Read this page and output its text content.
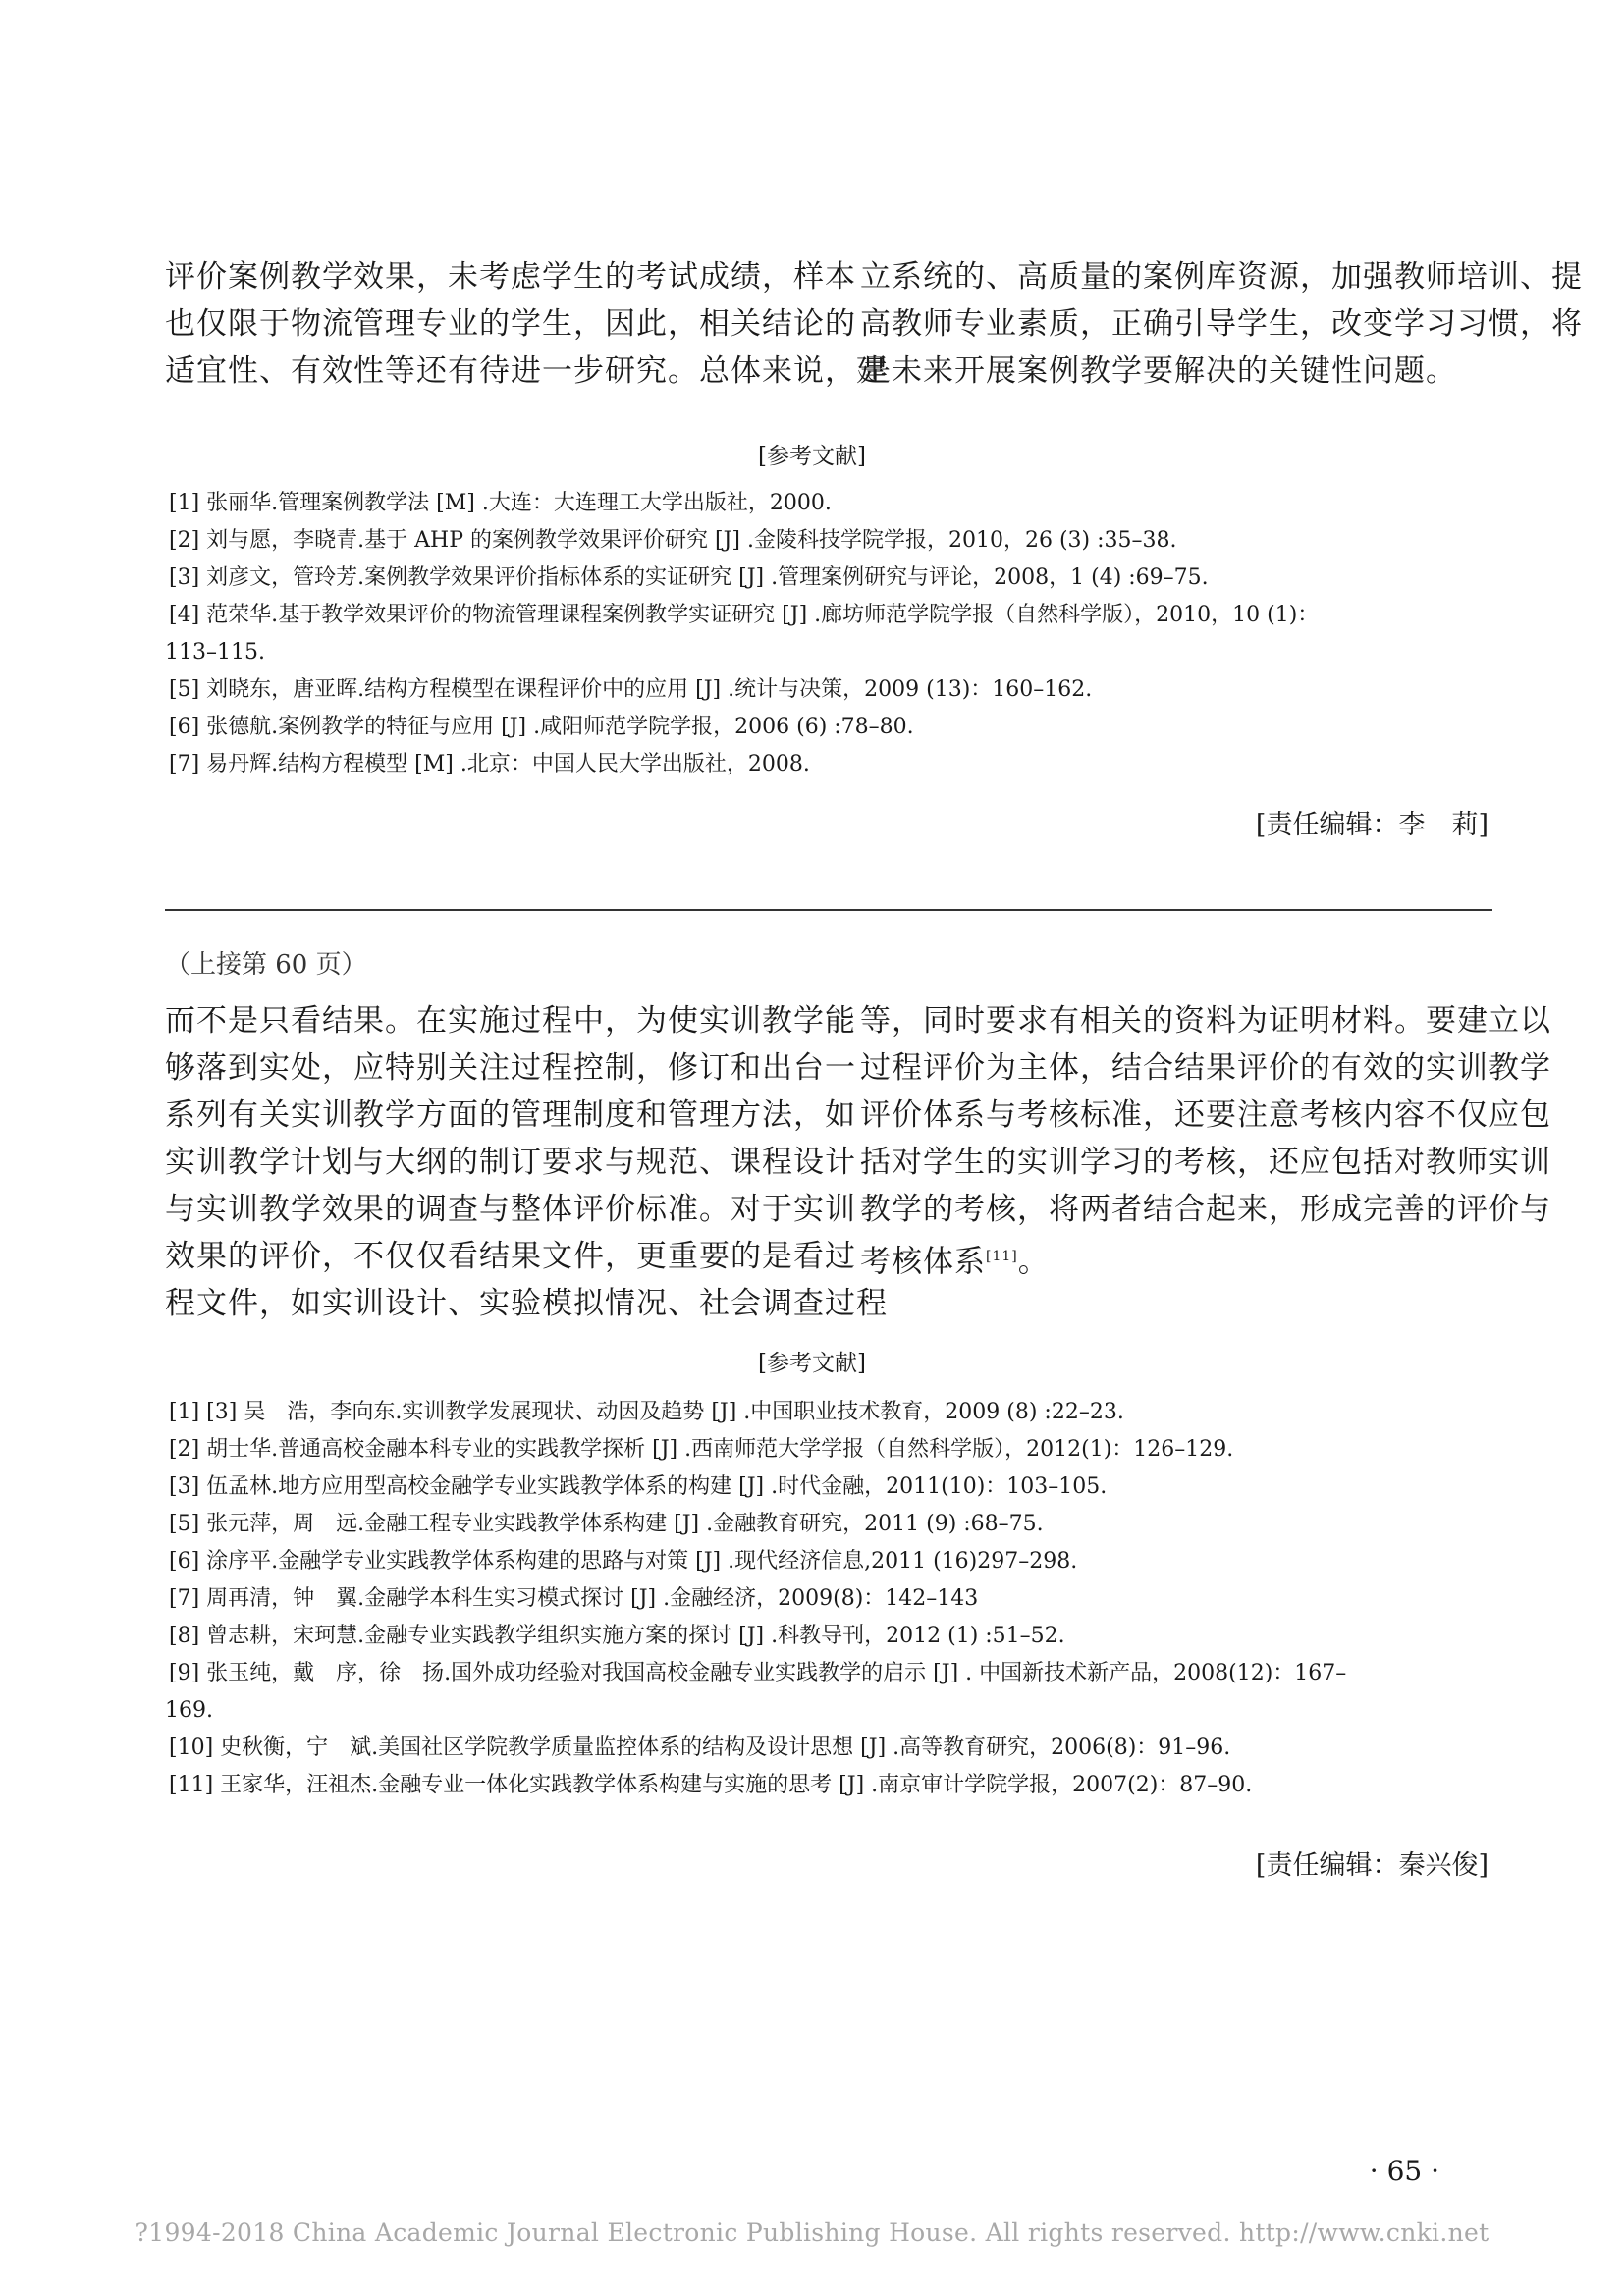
评价案例教学效果，未考虑学生的考试成绩，样本

也仅限于物流管理专业的学生，因此，相关结论的

适宜性、有效性等还有待进一步研究。总体来说，建

立系统的、高质量的案例库资源，加强教师培训、提

高教师专业素质，正确引导学生，改变学习习惯，将

是未来开展案例教学要解决的关键性问题。

[参考文献]
[1] 张丽华.管理案例教学法 [M] .大连：大连理工大学出版社，2000.
[2] 刘与愿，李晓青.基于 AHP 的案例教学效果评价研究 [J] .金陵科技学院学报，2010，26 (3) :35–38.
[3] 刘彦文，管玲芳.案例教学效果评价指标体系的实证研究 [J] .管理案例研究与评论，2008，1 (4) :69–75.
[4] 范荣华.基于教学效果评价的物流管理课程案例教学实证研究 [J] .廊坊师范学院学报（自然科学版），2010，10 (1)：
113–115.
[5] 刘晓东，唐亚晖.结构方程模型在课程评价中的应用 [J] .统计与决策，2009 (13)：160–162.
[6] 张德航.案例教学的特征与应用 [J] .咸阳师范学院学报，2006 (6) :78–80.
[7] 易丹辉.结构方程模型 [M] .北京：中国人民大学出版社，2008.
[责任编辑：李　莉]
（上接第 60 页）

而不是只看结果。在实施过程中，为使实训教学能

够落到实处，应特别关注过程控制，修订和出台一

系列有关实训教学方面的管理制度和管理方法，如

实训教学计划与大纲的制订要求与规范、课程设计

与实训教学效果的调查与整体评价标准。对于实训

效果的评价，不仅仅看结果文件，更重要的是看过

程文件，如实训设计、实验模拟情况、社会调查过程

等，同时要求有相关的资料为证明材料。要建立以

过程评价为主体，结合结果评价的有效的实训教学

评价体系与考核标准，还要注意考核内容不仅应包

括对学生的实训学习的考核，还应包括对教师实训

教学的考核，将两者结合起来，形成完善的评价与

考核体系[11]。

[参考文献]
[1] [3] 吴　浩，李向东.实训教学发展现状、动因及趋势 [J] .中国职业技术教育，2009 (8) :22–23.
[2] 胡士华.普通高校金融本科专业的实践教学探析 [J] .西南师范大学学报（自然科学版），2012(1)：126–129.
[3] 伍孟林.地方应用型高校金融学专业实践教学体系的构建 [J] .时代金融，2011(10)：103–105.
[5] 张元萍，周　远.金融工程专业实践教学体系构建 [J] .金融教育研究，2011 (9) :68–75.
[6] 涂序平.金融学专业实践教学体系构建的思路与对策 [J] .现代经济信息,2011 (16)297–298.
[7] 周再清，钟　翼.金融学本科生实习模式探讨 [J] .金融经济，2009(8)：142–143
[8] 曾志耕，宋珂慧.金融专业实践教学组织实施方案的探讨 [J] .科教导刊，2012 (1) :51–52.
[9] 张玉纯，戴　序，徐　扬.国外成功经验对我国高校金融专业实践教学的启示 [J] . 中国新技术新产品，2008(12)：167–
169.
[10] 史秋衡，宁　斌.美国社区学院教学质量监控体系的结构及设计思想 [J] .高等教育研究，2006(8)：91–96.
[11] 王家华，汪祖杰.金融专业一体化实践教学体系构建与实施的思考 [J] .南京审计学院学报，2007(2)：87–90.
[责任编辑：秦兴俊]
· 65 ·
?1994-2018 China Academic Journal Electronic Publishing House. All rights reserved. http://www.cnki.net
